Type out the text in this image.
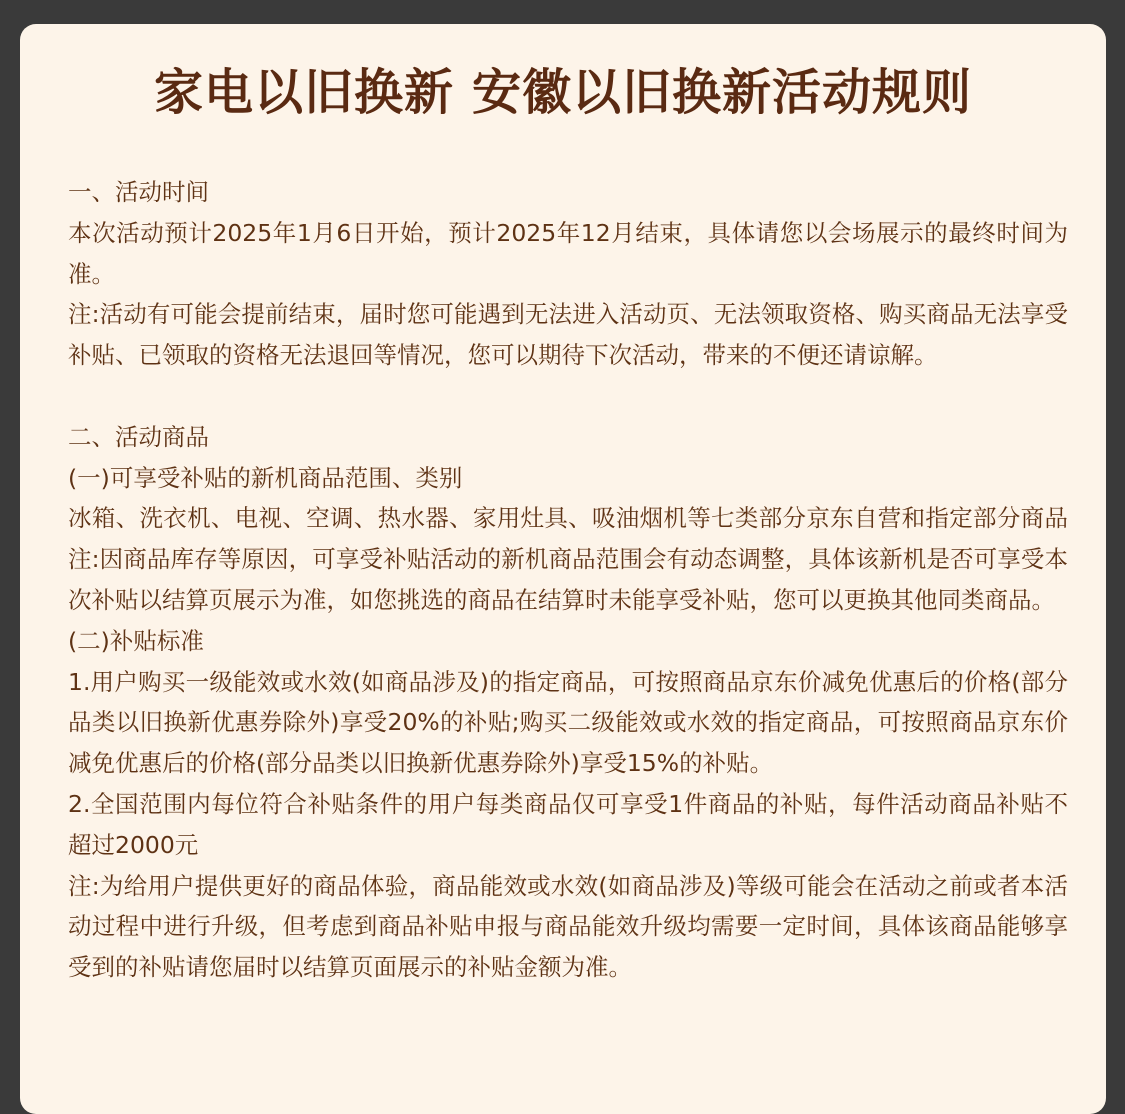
家电以旧换新 安徽以旧换新活动规则

一、活动时间

本次活动预计2025年1月6日开始，预计2025年12月结束，具体请您以会场展示的最终时间为准。

注:活动有可能会提前结束，届时您可能遇到无法进入活动页、无法领取资格、购买商品无法享受补贴、已领取的资格无法退回等情况，您可以期待下次活动，带来的不便还请谅解。

二、活动商品

(一)可享受补贴的新机商品范围、类别

冰箱、洗衣机、电视、空调、热水器、家用灶具、吸油烟机等七类部分京东自营和指定部分商品注:因商品库存等原因，可享受补贴活动的新机商品范围会有动态调整，具体该新机是否可享受本次补贴以结算页展示为准，如您挑选的商品在结算时未能享受补贴，您可以更换其他同类商品。

(二)补贴标准

1.用户购买一级能效或水效(如商品涉及)的指定商品，可按照商品京东价减免优惠后的价格(部分品类以旧换新优惠券除外)享受20%的补贴;购买二级能效或水效的指定商品，可按照商品京东价减免优惠后的价格(部分品类以旧换新优惠券除外)享受15%的补贴。

2.全国范围内每位符合补贴条件的用户每类商品仅可享受1件商品的补贴，每件活动商品补贴不超过2000元

注:为给用户提供更好的商品体验，商品能效或水效(如商品涉及)等级可能会在活动之前或者本活动过程中进行升级，但考虑到商品补贴申报与商品能效升级均需要一定时间，具体该商品能够享受到的补贴请您届时以结算页面展示的补贴金额为准。
